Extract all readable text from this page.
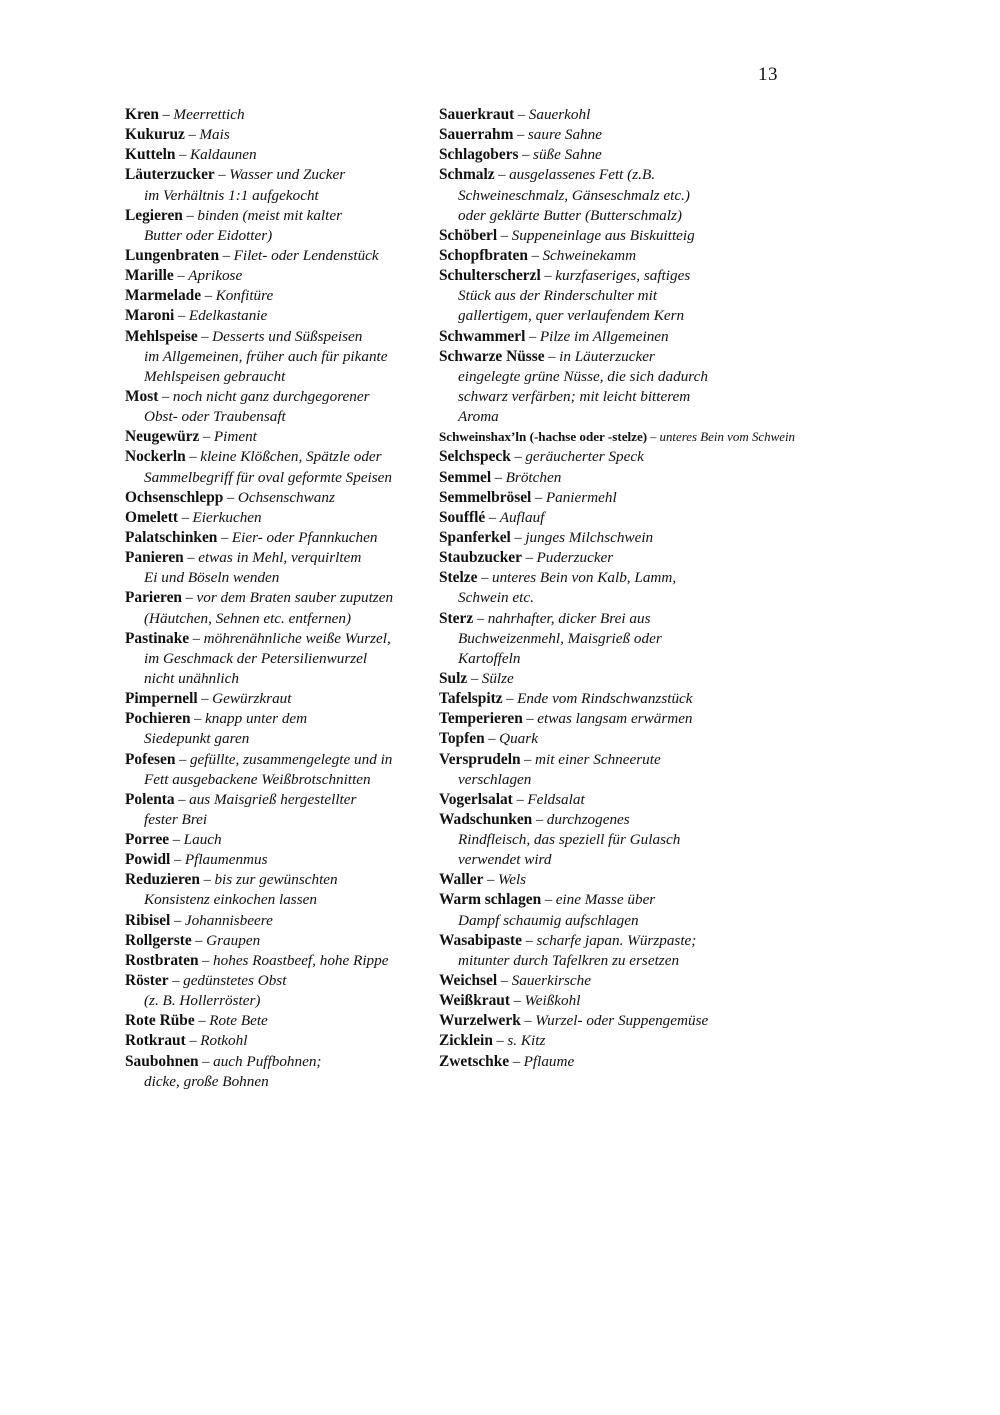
13
Kren – Meerrettich
Kukuruz – Mais
Kutteln – Kaldaunen
Läuterzucker – Wasser und Zucker
im Verhältnis 1:1 aufgekocht
Legieren – binden (meist mit kalter
Butter oder Eidotter)
Lungenbraten – Filet- oder Lendenstück
Marille – Aprikose
Marmelade – Konfitüre
Maroni – Edelkastanie
Mehlspeise – Desserts und Süßspeisen
im Allgemeinen, früher auch für pikante
Mehlspeisen gebraucht
Most – noch nicht ganz durchgegorener
Obst- oder Traubensaft
Neugewürz – Piment
Nockerln – kleine Klößchen, Spätzle oder
Sammelbegriff für oval geformte Speisen
Ochsenschlepp – Ochsenschwanz
Omelett – Eierkuchen
Palatschinken – Eier- oder Pfannkuchen
Panieren – etwas in Mehl, verquirltem
Ei und Böseln wenden
Parieren – vor dem Braten sauber zuputzen
(Häutchen, Sehnen etc. entfernen)
Pastinake – möhrenähnliche weiße Wurzel,
im Geschmack der Petersilienwurzel
nicht unähnlich
Pimpernell – Gewürzkraut
Pochieren – knapp unter dem
Siedepunkt garen
Pofesen – gefüllte, zusammengelegte und in
Fett ausgebackene Weißbrotschnitten
Polenta – aus Maisgrieß hergestellter
fester Brei
Porree – Lauch
Powidl – Pflaumenmus
Reduzieren – bis zur gewünschten
Konsistenz einkochen lassen
Ribisel – Johannisbeere
Rollgerste – Graupen
Rostbraten – hohes Roastbeef, hohe Rippe
Röster – gedünstetes Obst
(z. B. Hollerröster)
Rote Rübe – Rote Bete
Rotkraut – Rotkohl
Saubohnen – auch Puffbohnen;
dicke, große Bohnen
Sauerkraut – Sauerkohl
Sauerrahm – saure Sahne
Schlagobers – süße Sahne
Schmalz – ausgelassenes Fett (z.B.
Schweineschmalz, Gänseschmalz etc.)
oder geklärte Butter (Butterschmalz)
Schöberl – Suppeneinlage aus Biskuitteig
Schopfbraten – Schweinekamm
Schulterscherzl – kurzfaseriges, saftiges
Stück aus der Rinderschulter mit
gallertigem, quer verlaufendem Kern
Schwammerl – Pilze im Allgemeinen
Schwarze Nüsse – in Läuterzucker
eingelegte grüne Nüsse, die sich dadurch
schwarz verfärben; mit leicht bitterem
Aroma
Schweinshax’ln (-hachse oder -stelze) – unteres Bein vom Schwein
Selchspeck – geräucherter Speck
Semmel – Brötchen
Semmelbrösel – Paniermehl
Soufflé – Auflauf
Spanferkel – junges Milchschwein
Staubzucker – Puderzucker
Stelze – unteres Bein von Kalb, Lamm,
Schwein etc.
Sterz – nahrhafter, dicker Brei aus
Buchweizenmehl, Maisgrieß oder
Kartoffeln
Sulz – Sülze
Tafelspitz – Ende vom Rindschwanzstück
Temperieren – etwas langsam erwärmen
Topfen – Quark
Versprudeln – mit einer Schneerute
verschlagen
Vogerlsalat – Feldsalat
Wadschunken – durchzogenes
Rindfleisch, das speziell für Gulasch
verwendet wird
Waller – Wels
Warm schlagen – eine Masse über
Dampf schaumig aufschlagen
Wasabipaste – scharfe japan. Würzpaste;
mitunter durch Tafelkren zu ersetzen
Weichsel – Sauerkirsche
Weißkraut – Weißkohl
Wurzelwerk – Wurzel- oder Suppengemüse
Zicklein – s. Kitz
Zwetschke – Pflaume
